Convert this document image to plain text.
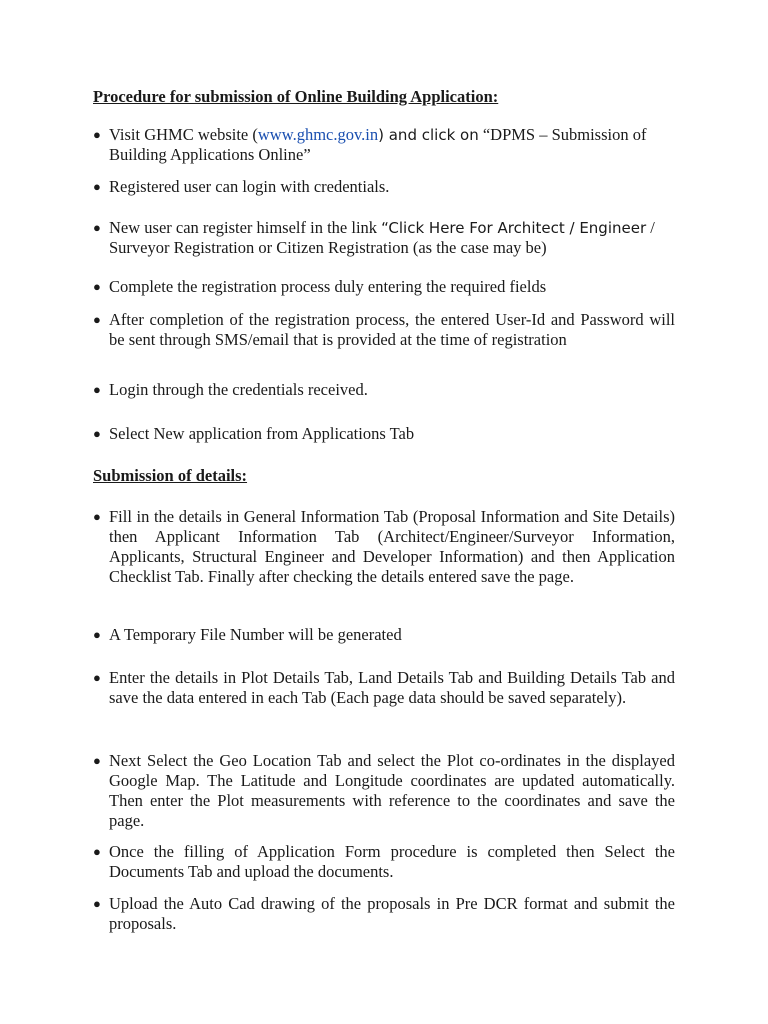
Procedure for submission of Online Building Application:
● Visit GHMC website (www.ghmc.gov.in) and click on “DPMS – Submission of Building Applications Online”
● Registered user can login with credentials.
● New user can register himself in the link “Click Here For Architect / Engineer / Surveyor Registration or Citizen Registration (as the case may be)
● Complete the registration process duly entering the required fields
● After completion of the registration process, the entered User-Id and Password will be sent through SMS/email that is provided at the time of registration
● Login through the credentials received.
● Select New application from Applications Tab
Submission of details:
● Fill in the details in General Information Tab (Proposal Information and Site Details) then Applicant Information Tab (Architect/Engineer/Surveyor Information, Applicants, Structural Engineer and Developer Information) and then Application Checklist Tab. Finally after checking the details entered save the page.
● A Temporary File Number will be generated
● Enter the details in Plot Details Tab, Land Details Tab and Building Details Tab and save the data entered in each Tab (Each page data should be saved separately).
● Next Select the Geo Location Tab and select the Plot co-ordinates in the displayed Google Map. The Latitude and Longitude coordinates are updated automatically. Then enter the Plot measurements with reference to the coordinates and save the page.
● Once the filling of Application Form procedure is completed then Select the Documents Tab and upload the documents.
● Upload the Auto Cad drawing of the proposals in Pre DCR format and submit the proposals.
